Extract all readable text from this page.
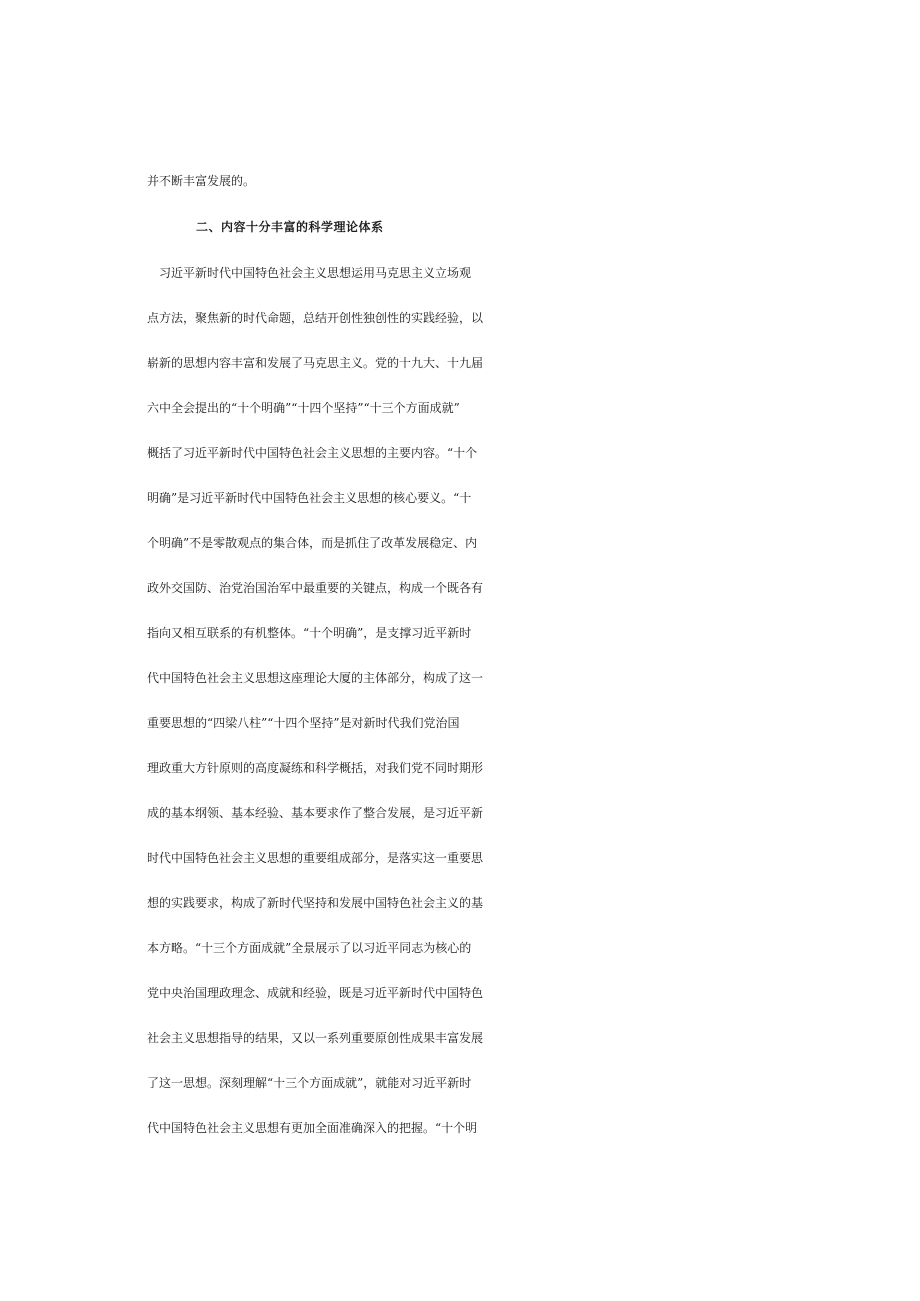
并不断丰富发展的。
二、内容十分丰富的科学理论体系
　习近平新时代中国特色社会主义思想运用马克思主义立场观
点方法，聚焦新的时代命题，总结开创性独创性的实践经验，以
崭新的思想内容丰富和发展了马克思主义。党的十九大、十九届
六中全会提出的“十个明确”“十四个坚持”“十三个方面成就”
概括了习近平新时代中国特色社会主义思想的主要内容。“十个
明确”是习近平新时代中国特色社会主义思想的核心要义。“十
个明确”不是零散观点的集合体，而是抓住了改革发展稳定、内
政外交国防、治党治国治军中最重要的关键点，构成一个既各有
指向又相互联系的有机整体。“十个明确”，是支撑习近平新时
代中国特色社会主义思想这座理论大厦的主体部分，构成了这一
重要思想的“四梁八柱”“十四个坚持”是对新时代我们党治国
理政重大方针原则的高度凝练和科学概括，对我们党不同时期形
成的基本纲领、基本经验、基本要求作了整合发展，是习近平新
时代中国特色社会主义思想的重要组成部分，是落实这一重要思
想的实践要求，构成了新时代坚持和发展中国特色社会主义的基
本方略。“十三个方面成就”全景展示了以习近平同志为核心的
党中央治国理政理念、成就和经验，既是习近平新时代中国特色
社会主义思想指导的结果，又以一系列重要原创性成果丰富发展
了这一思想。深刻理解“十三个方面成就”，就能对习近平新时
代中国特色社会主义思想有更加全面准确深入的把握。“十个明
